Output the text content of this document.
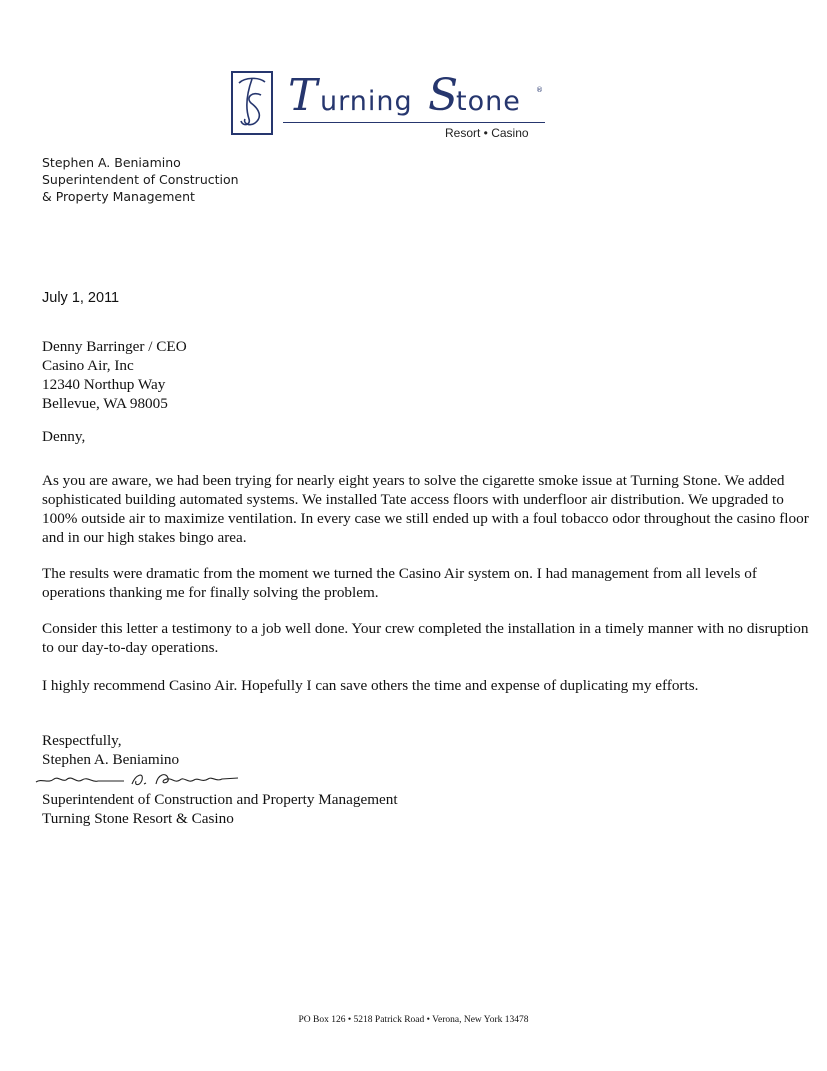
T urning S
tone ®
Resort • Casino
Stephen A. Beniamino
Superintendent of Construction
& Property Management
July 1, 2011
Denny Barringer / CEO
Casino Air, Inc
12340 Northup Way
Bellevue, WA 98005
Denny,

As you are aware, we had been trying for nearly eight years to solve the cigarette smoke issue at Turning Stone. We added sophisticated building automated systems. We installed Tate access floors with underfloor air distribution. We upgraded to 100% outside air to maximize ventilation. In every case we still ended up with a foul tobacco odor throughout the casino floor and in our high stakes bingo area.

The results were dramatic from the moment we turned the Casino Air system on. I had management from all levels of operations thanking me for finally solving the problem.

Consider this letter a testimony to a job well done. Your crew completed the installation in a timely manner with no disruption to our day-to-day operations.

I highly recommend Casino Air. Hopefully I can save others the time and expense of duplicating my efforts.

Respectfully,
Stephen A. Beniamino
Superintendent of Construction and Property Management
Turning Stone Resort & Casino
PO Box 126 • 5218 Patrick Road • Verona, New York 13478
